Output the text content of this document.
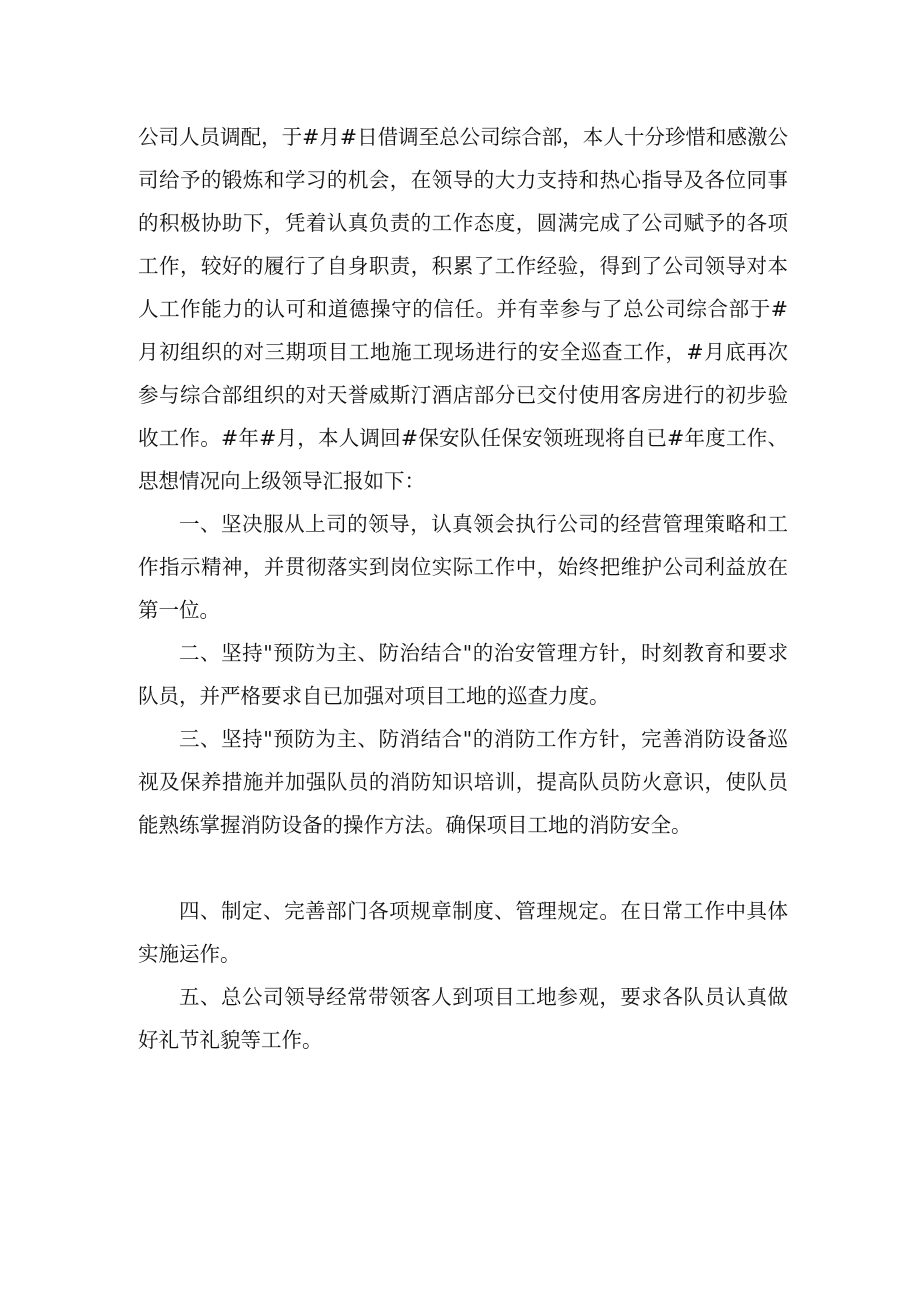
公司人员调配，于#月#日借调至总公司综合部，本人十分珍惜和感激公司给予的锻炼和学习的机会，在领导的大力支持和热心指导及各位同事的积极协助下，凭着认真负责的工作态度，圆满完成了公司赋予的各项工作，较好的履行了自身职责，积累了工作经验，得到了公司领导对本人工作能力的认可和道德操守的信任。并有幸参与了总公司综合部于#月初组织的对三期项目工地施工现场进行的安全巡查工作，#月底再次参与综合部组织的对天誉威斯汀酒店部分已交付使用客房进行的初步验收工作。#年#月，本人调回#保安队任保安领班现将自已#年度工作、思想情况向上级领导汇报如下：

一、坚决服从上司的领导，认真领会执行公司的经营管理策略和工作指示精神，并贯彻落实到岗位实际工作中，始终把维护公司利益放在第一位。

二、坚持"预防为主、防治结合"的治安管理方针，时刻教育和要求队员，并严格要求自已加强对项目工地的巡查力度。

三、坚持"预防为主、防消结合"的消防工作方针，完善消防设备巡视及保养措施并加强队员的消防知识培训，提高队员防火意识，使队员能熟练掌握消防设备的操作方法。确保项目工地的消防安全。

四、制定、完善部门各项规章制度、管理规定。在日常工作中具体实施运作。

五、总公司领导经常带领客人到项目工地参观，要求各队员认真做好礼节礼貌等工作。
